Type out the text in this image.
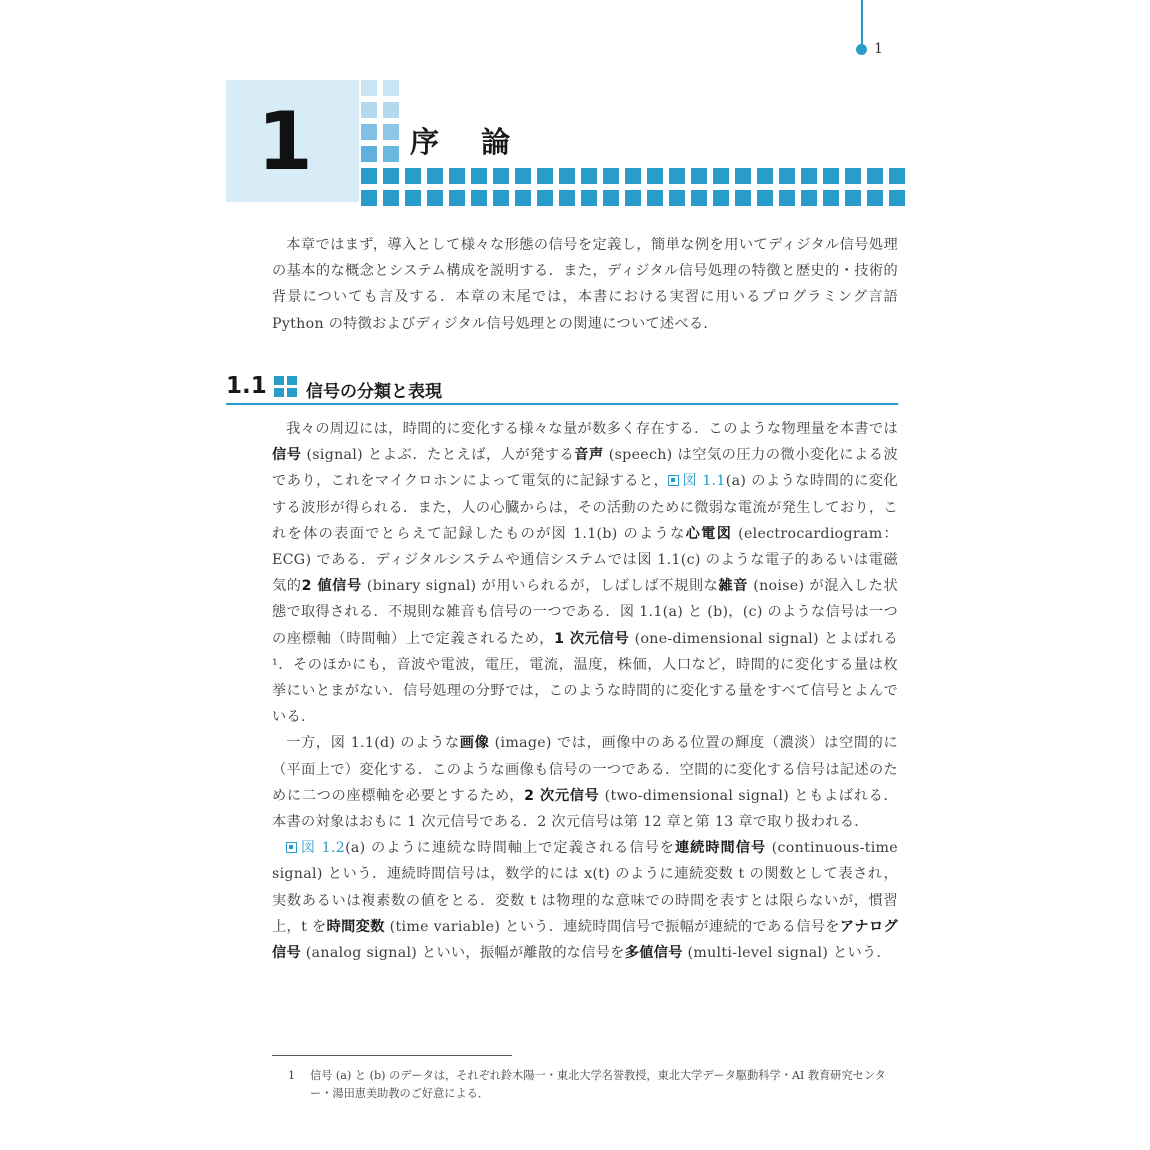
1
1	序 論

本章ではまず，導入として様々な形態の信号を定義し，簡単な例を用いてディジタル信号処理の基本的な概念とシステム構成を説明する．また，ディジタル信号処理の特徴と歴史的・技術的背景についても言及する．本章の末尾では，本書における実習に用いるプログラミング言語 Python の特徴およびディジタル信号処理との関連について述べる．

1.1 信号の分類と表現

我々の周辺には，時間的に変化する様々な量が数多く存在する．このような物理量を本書では信号 (signal) とよぶ．たとえば，人が発する音声 (speech) は空気の圧力の微小変化による波であり，これをマイクロホンによって電気的に記録すると， 図 1.1(a) のような時間的に変化する波形が得られる．また，人の心臓からは，その活動のために微弱な電流が発生しており，これを体の表面でとらえて記録したものが図 1.1(b) のような心電図 (electrocardiogram：ECG) である．ディジタルシステムや通信システムでは図 1.1(c) のような電子的あるいは電磁気的2 値信号 (binary signal) が用いられるが，しばしば不規則な雑音 (noise) が混入した状態で取得される．不規則な雑音も信号の一つである．図 1.1(a) と (b)，(c) のような信号は一つの座標軸（時間軸）上で定義されるため，1 次元信号 (one-dimensional signal) とよばれる¹．そのほかにも，音波や電波，電圧，電流，温度，株価，人口など，時間的に変化する量は枚挙にいとまがない．信号処理の分野では，このような時間的に変化する量をすべて信号とよんでいる．

一方，図 1.1(d) のような画像 (image) では，画像中のある位置の輝度（濃淡）は空間的に（平面上で）変化する．このような画像も信号の一つである．空間的に変化する信号は記述のために二つの座標軸を必要とするため，2 次元信号 (two-dimensional signal) ともよばれる．本書の対象はおもに 1 次元信号である．2 次元信号は第 12 章と第 13 章で取り扱われる．

図 1.2(a) のように連続な時間軸上で定義される信号を連続時間信号 (continuous-time signal) という．連続時間信号は，数学的には x(t) のように連続変数 t の関数として表され，実数あるいは複素数の値をとる．変数 t は物理的な意味での時間を表すとは限らないが，慣習上，t を時間変数 (time variable) という．連続時間信号で振幅が連続的である信号をアナログ信号 (analog signal) といい，振幅が離散的な信号を多値信号 (multi-level signal) という．

1 信号 (a) と (b) のデータは，それぞれ鈴木陽一・東北大学名誉教授，東北大学データ駆動科学・AI 教育研究センター・湯田恵美助教のご好意による．
